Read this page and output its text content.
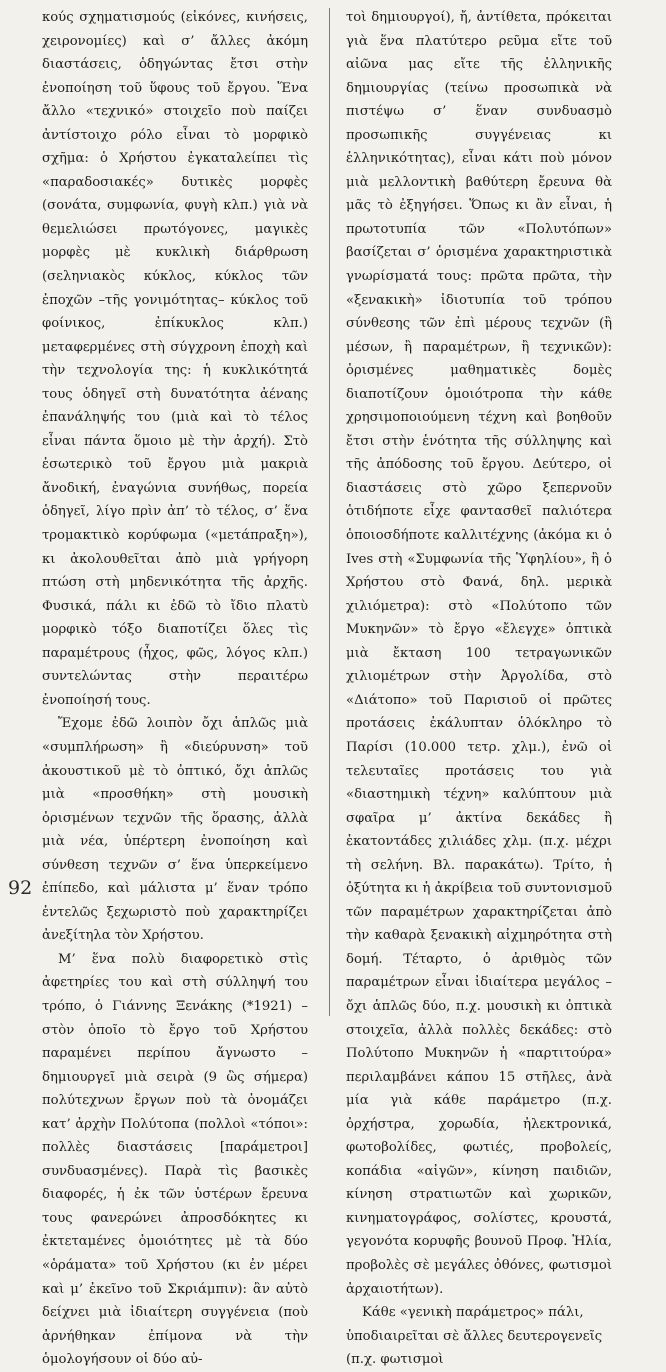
κούς σχηματισμούς (εἰκόνες, κινήσεις, χειρονομίες) καὶ σ’ ἄλλες ἀκόμη διαστάσεις, ὁδηγώντας ἔτσι στὴν ἐνοποίηση τοῦ ὕφους τοῦ ἔργου. Ἕνα ἄλλο «τεχνικό» στοιχεῖο ποὺ παίζει ἀντίστοιχο ρόλο εἶναι τὸ μορφικὸ σχῆμα: ὁ Χρήστου ἐγκαταλείπει τὶς «παραδοσιακές» δυτικὲς μορφὲς (σονάτα, συμφωνία, φυγὴ κλπ.) γιὰ νὰ θεμελιώσει πρωτόγονες, μαγικὲς μορφὲς μὲ κυκλικὴ διάρθρωση (σεληνιακὸς κύκλος, κύκλος τῶν ἐποχῶν –τῆς γονιμότητας– κύκλος τοῦ φοίνικος, ἐπίκυκλος κλπ.) μεταφερμένες στὴ σύγχρονη ἐποχὴ καὶ τὴν τεχνολογία της: ἡ κυκλικότητά τους ὁδηγεῖ στὴ δυνατότητα ἀέναης ἐπανάληψής του (μιὰ καὶ τὸ τέλος εἶναι πάντα ὅμοιο μὲ τὴν ἀρχή). Στὸ ἐσωτερικὸ τοῦ ἔργου μιὰ μακριὰ ἄνοδική, ἐναγώνια συνήθως, πορεία ὁδηγεῖ, λίγο πρὶν ἀπ’ τὸ τέλος, σ’ ἕνα τρομακτικὸ κορύφωμα («μετάπραξη»), κι ἀκολουθεῖται ἀπὸ μιὰ γρήγορη πτώση στὴ μηδενικότητα τῆς ἀρχῆς. Φυσικά, πάλι κι ἐδῶ τὸ ἴδιο πλατὺ μορφικὸ τόξο διαποτίζει ὅλες τὶς παραμέτρους (ἦχος, φῶς, λόγος κλπ.) συντελώντας στὴν περαιτέρω ἐνοποίησή τους.

Ἔχομε ἐδῶ λοιπὸν ὄχι ἁπλῶς μιὰ «συμπλήρωση» ἢ «διεύρυνση» τοῦ ἀκουστικοῦ μὲ τὸ ὀπτικό, ὄχι ἁπλῶς μιὰ «προσθήκη» στὴ μουσικὴ ὁρισμένων τεχνῶν τῆς ὅρασης, ἀλλὰ μιὰ νέα, ὑπέρτερη ἐνοποίηση καὶ σύνθεση τεχνῶν σ’ ἕνα ὑπερκείμενο ἐπίπεδο, καὶ μάλιστα μ’ ἕναν τρόπο ἐντελῶς ξεχωριστὸ ποὺ χαρακτηρίζει ἀνεξίτηλα τὸν Χρήστου.

Μ’ ἕνα πολὺ διαφορετικὸ στὶς ἀφετηρίες του καὶ στὴ σύλληψή του τρόπο, ὁ Γιάννης Ξενάκης (*1921) – στὸν ὁποῖο τὸ ἔργο τοῦ Χρήστου παραμένει περίπου ἄγνωστο – δημιουργεῖ μιὰ σειρὰ (9 ὣς σήμερα) πολύτεχνων ἔργων ποὺ τὰ ὀνομάζει κατ’ ἀρχὴν Πολύτοπα (πολλοὶ «τόποι»: πολλὲς διαστάσεις [παράμετροι] συνδυασμένες). Παρὰ τὶς βασικὲς διαφορές, ἡ ἐκ τῶν ὑστέρων ἔρευνα τους φανερώνει ἀπροσδόκητες κι ἐκτεταμένες ὁμοιότητες μὲ τὰ δύο «ὁράματα» τοῦ Χρήστου (κι ἐν μέρει καὶ μ’ ἐκεῖνο τοῦ Σκριάμπιν): ἂν αὐτὸ δείχνει μιὰ ἰδιαίτερη συγγένεια (ποὺ ἀρνήθηκαν ἐπίμονα νὰ τὴν ὁμολογήσουν οἱ δύο αὐ-

τοὶ δημιουργοί), ἤ, ἀντίθετα, πρόκειται γιὰ ἕνα πλατύτερο ρεῦμα εἴτε τοῦ αἰῶνα μας εἴτε τῆς ἑλληνικῆς δημιουργίας (τείνω προσωπικὰ νὰ πιστέψω σ’ ἕναν συνδυασμὸ προσωπικῆς συγγένειας κι ἑλληνικότητας), εἶναι κάτι ποὺ μόνον μιὰ μελλοντικὴ βαθύτερη ἔρευνα θὰ μᾶς τὸ ἐξηγήσει. Ὅπως κι ἂν εἶναι, ἡ πρωτοτυπία τῶν «Πολυτόπων» βασίζεται σ’ ὁρισμένα χαρακτηριστικὰ γνωρίσματά τους: πρῶτα πρῶτα, τὴν «ξενακικὴ» ἰδιοτυπία τοῦ τρόπου σύνθεσης τῶν ἐπὶ μέρους τεχνῶν (ἢ μέσων, ἢ παραμέτρων, ἢ τεχνικῶν): ὁρισμένες μαθηματικὲς δομὲς διαποτίζουν ὁμοιότροπα τὴν κάθε χρησιμοποιούμενη τέχνη καὶ βοηθοῦν ἔτσι στὴν ἑνότητα τῆς σύλληψης καὶ τῆς ἀπόδοσης τοῦ ἔργου. Δεύτερο, οἱ διαστάσεις στὸ χῶρο ξεπερνοῦν ὁτιδήποτε εἶχε φαντασθεῖ παλιότερα ὁποιοσδήποτε καλλιτέχνης (ἀκόμα κι ὁ Ives στὴ «Συμφωνία τῆς Ὑφηλίου», ἢ ὁ Χρήστου στὸ Φανά, δηλ. μερικὰ χιλιόμετρα): στὸ «Πολύτοπο τῶν Μυκηνῶν» τὸ ἔργο «ἔλεγχε» ὀπτικὰ μιὰ ἔκταση 100 τετραγωνικῶν χιλιομέτρων στὴν Ἀργολίδα, στὸ «Διάτοπο» τοῦ Παρισιοῦ οἱ πρῶτες προτάσεις ἐκάλυπταν ὁλόκληρο τὸ Παρίσι (10.000 τετρ. χλμ.), ἐνῶ οἱ τελευταῖες προτάσεις του γιὰ «διαστημικὴ τέχνη» καλύπτουν μιὰ σφαῖρα μ’ ἀκτίνα δεκάδες ἢ ἑκατοντάδες χιλιάδες χλμ. (π.χ. μέχρι τὴ σελήνη. Βλ. παρακάτω). Τρίτο, ἡ ὀξύτητα κι ἡ ἀκρίβεια τοῦ συντονισμοῦ τῶν παραμέτρων χαρακτηρίζεται ἀπὸ τὴν καθαρὰ ξενακικὴ αἰχμηρότητα στὴ δομή. Τέταρτο, ὁ ἀριθμὸς τῶν παραμέτρων εἶναι ἰδιαίτερα μεγάλος – ὄχι ἁπλῶς δύο, π.χ. μουσικὴ κι ὀπτικὰ στοιχεῖα, ἀλλὰ πολλὲς δεκάδες: στὸ Πολύτοπο Μυκηνῶν ἡ «παρτιτούρα» περιλαμβάνει κάπου 15 στῆλες, ἀνὰ μία γιὰ κάθε παράμετρο (π.χ. ὀρχήστρα, χορωδία, ἠλεκτρονικά, φωτοβολίδες, φωτιές, προβολείς, κοπάδια «αἰγῶν», κίνηση παιδιῶν, κίνηση στρατιωτῶν καὶ χωρικῶν, κινηματογράφος, σολίστες, κρουστά, γεγονότα κορυφῆς βουνοῦ Προφ. Ἠλία, προβολὲς σὲ μεγάλες ὀθόνες, φωτισμοὶ ἀρχαιοτήτων).

Κάθε «γενικὴ παράμετρος» πάλι, ὑποδιαιρεῖται σὲ ἄλλες δευτερογενεῖς (π.χ. φωτισμοὶ

92
